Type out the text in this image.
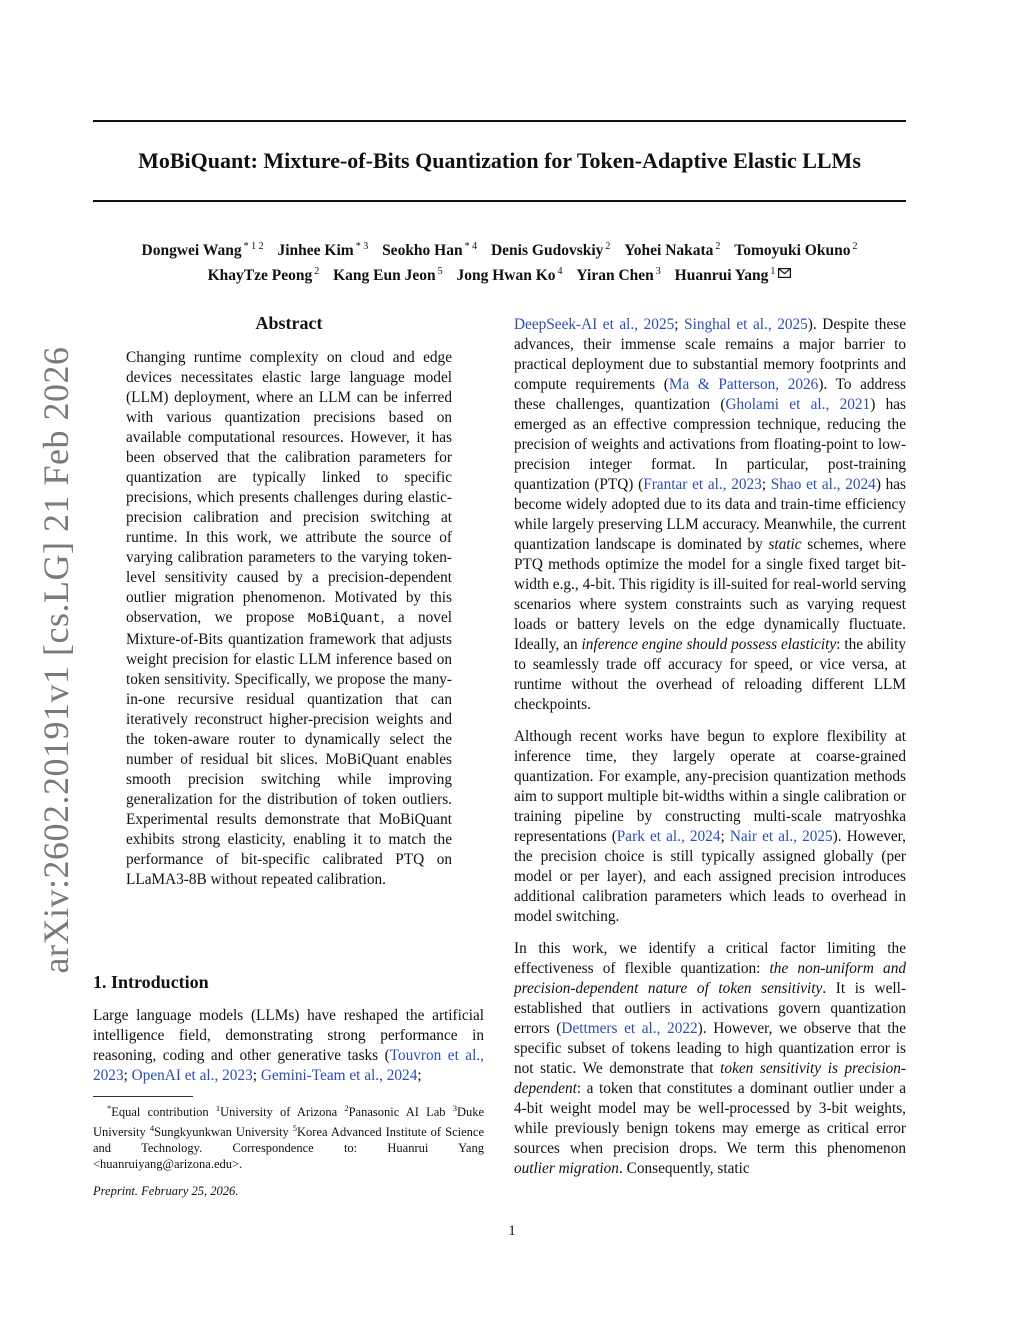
MoBiQuant: Mixture-of-Bits Quantization for Token-Adaptive Elastic LLMs
Dongwei Wang $^{* 1 2}$ Jinhee Kim $^{* 3}$ Seokho Han $^{* 4}$ Denis Gudovskiy $^2$ Yohei Nakata $^2$ Tomoyuki Okuno $^2$
KhayTze Peong $^2$ Kang Eun Jeon $^5$ Jong Hwan Ko $^4$ Yiran Chen $^3$ Huanrui Yang $^1$
arXiv:2602.20191v1 [cs.LG] 21 Feb 2026
Abstract

Changing runtime complexity on cloud and edge devices necessitates elastic large language model (LLM) deployment, where an LLM can be inferred with various quantization precisions based on available computational resources. However, it has been observed that the calibration parameters for quantization are typically linked to specific precisions, which presents challenges during elastic-precision calibration and precision switching at runtime. In this work, we attribute the source of varying calibration parameters to the varying token-level sensitivity caused by a precision-dependent outlier migration phenomenon. Motivated by this observation, we propose MoBiQuant, a novel Mixture-of-Bits quantization framework that adjusts weight precision for elastic LLM inference based on token sensitivity. Specifically, we propose the many-in-one recursive residual quantization that can iteratively reconstruct higher-precision weights and the token-aware router to dynamically select the number of residual bit slices. MoBiQuant enables smooth precision switching while improving generalization for the distribution of token outliers. Experimental results demonstrate that MoBiQuant exhibits strong elasticity, enabling it to match the performance of bit-specific calibrated PTQ on LLaMA3-8B without repeated calibration.

1. Introduction

Large language models (LLMs) have reshaped the artificial intelligence field, demonstrating strong performance in reasoning, coding and other generative tasks (Touvron et al., 2023; OpenAI et al., 2023; Gemini-Team et al., 2024;

*Equal contribution $^1$University of Arizona $^2$Panasonic AI Lab $^3$Duke University $^4$Sungkyunkwan University $^5$Korea Advanced Institute of Science and Technology. Correspondence to: Huanrui Yang <huanruiyang@arizona.edu>.
Preprint. February 25, 2026.

DeepSeek-AI et al., 2025; Singhal et al., 2025). Despite these advances, their immense scale remains a major barrier to practical deployment due to substantial memory footprints and compute requirements (Ma & Patterson, 2026). To address these challenges, quantization (Gholami et al., 2021) has emerged as an effective compression technique, reducing the precision of weights and activations from floating-point to low-precision integer format. In particular, post-training quantization (PTQ) (Frantar et al., 2023; Shao et al., 2024) has become widely adopted due to its data and train-time efficiency while largely preserving LLM accuracy. Meanwhile, the current quantization landscape is dominated by static schemes, where PTQ methods optimize the model for a single fixed target bit-width e.g., 4-bit. This rigidity is ill-suited for real-world serving scenarios where system constraints such as varying request loads or battery levels on the edge dynamically fluctuate. Ideally, an inference engine should possess elasticity: the ability to seamlessly trade off accuracy for speed, or vice versa, at runtime without the overhead of reloading different LLM checkpoints.

Although recent works have begun to explore flexibility at inference time, they largely operate at coarse-grained quantization. For example, any-precision quantization methods aim to support multiple bit-widths within a single calibration or training pipeline by constructing multi-scale matryoshka representations (Park et al., 2024; Nair et al., 2025). However, the precision choice is still typically assigned globally (per model or per layer), and each assigned precision introduces additional calibration parameters which leads to overhead in model switching.

In this work, we identify a critical factor limiting the effectiveness of flexible quantization: the non-uniform and precision-dependent nature of token sensitivity. It is well-established that outliers in activations govern quantization errors (Dettmers et al., 2022). However, we observe that the specific subset of tokens leading to high quantization error is not static. We demonstrate that token sensitivity is precision-dependent: a token that constitutes a dominant outlier under a 4-bit weight model may be well-processed by 3-bit weights, while previously benign tokens may emerge as critical error sources when precision drops. We term this phenomenon outlier migration. Consequently, static

1
